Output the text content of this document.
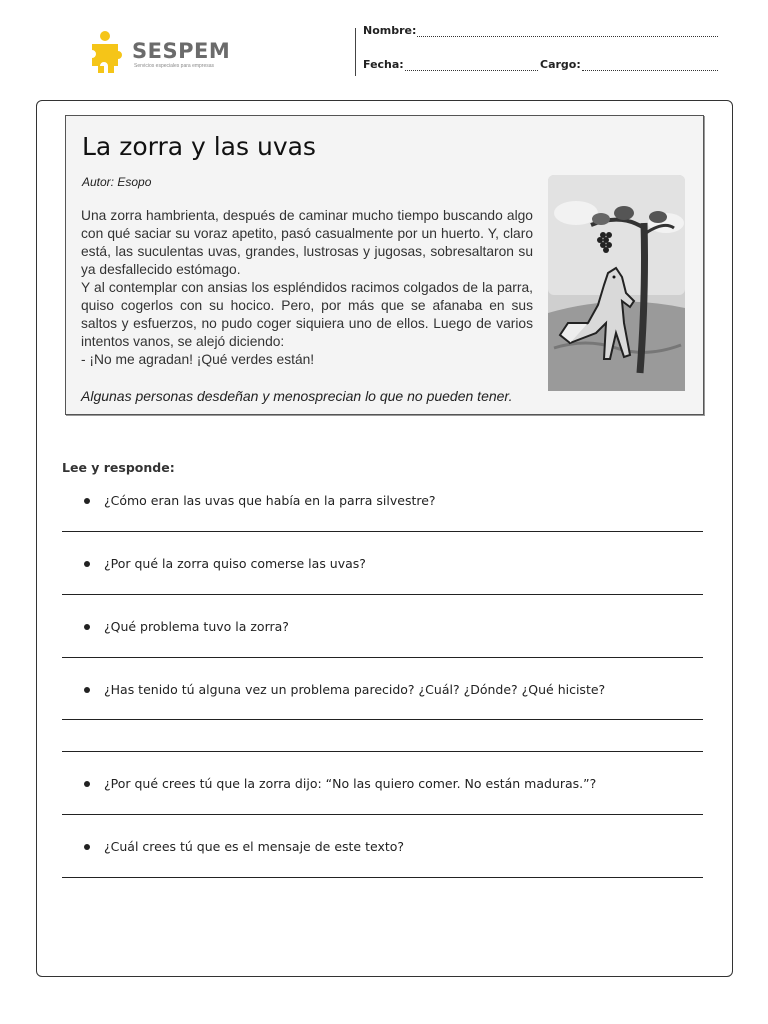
SESPEM
Servicios especiales para empresas
Nombre:
Fecha:	Cargo:
La zorra y las uvas
Autor: Esopo

Una zorra hambrienta, después de caminar mucho tiempo buscando algo con qué saciar su voraz apetito, pasó casualmente por un huerto. Y, claro está, las suculentas uvas, grandes, lustrosas y jugosas, sobresaltaron su ya desfallecido estómago.

Y al contemplar con ansias los espléndidos racimos colgados de la parra, quiso cogerlos con su hocico. Pero, por más que se afanaba en sus saltos y esfuerzos, no pudo coger siquiera uno de ellos. Luego de varios intentos vanos, se alejó diciendo:

- ¡No me agradan! ¡Qué verdes están!

Algunas personas desdeñan y menosprecian lo que no pueden tener.
Lee y responde:
¿Cómo eran las uvas que había en la parra silvestre?
¿Por qué la zorra quiso comerse las uvas?
¿Qué problema tuvo la zorra?
¿Has tenido tú alguna vez un problema parecido? ¿Cuál? ¿Dónde? ¿Qué hiciste?
¿Por qué crees tú que la zorra dijo: “No las quiero comer. No están maduras.”?
¿Cuál crees tú que es el mensaje de este texto?
